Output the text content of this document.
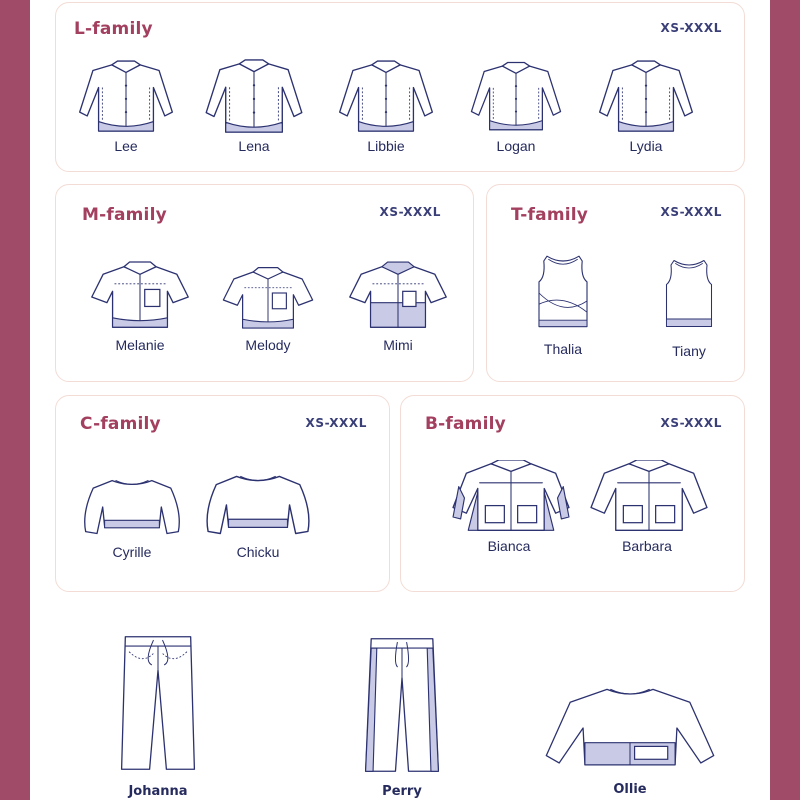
L-family	XS-XXXL
Lee	Lena	Libbie	Logan	Lydia
M-family	XS-XXXL
Melanie	Melody	Mimi
T-family	XS-XXXL
Thalia	Tiany
C-family	XS-XXXL
Cyrille	Chicku
B-family	XS-XXXL
Bianca	Barbara
Johanna	Perry	Ollie
